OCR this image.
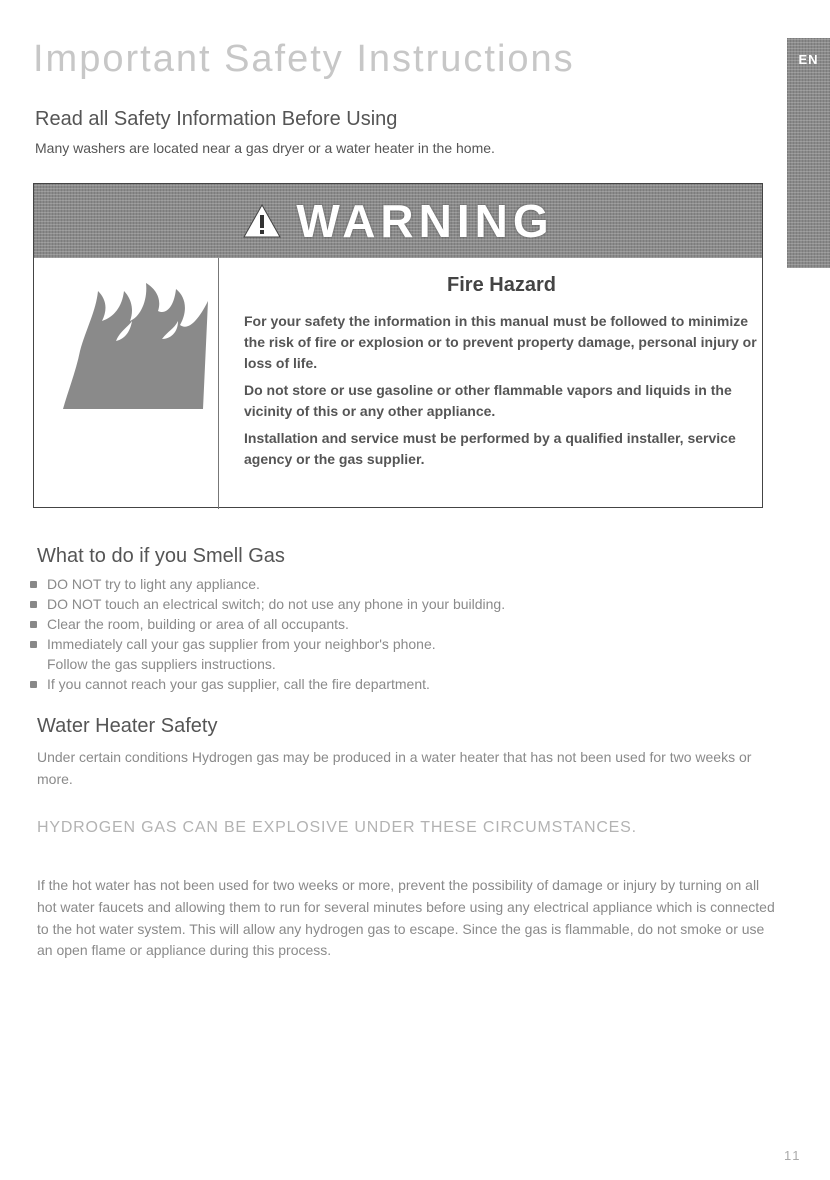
EN
Important Safety Instructions
Read all Safety Information Before Using

Many washers are located near a gas dryer or a water heater in the home.

WARNING
Fire Hazard

For your safety the information in this manual must be followed to minimize the risk of fire or explosion or to prevent property damage, personal injury or loss of life.

Do not store or use gasoline or other flammable vapors and liquids in the vicinity of this or any other appliance.

Installation and service must be performed by a qualified installer, service agency or the gas supplier.

What to do if you Smell Gas
DO NOT try to light any appliance.
DO NOT touch an electrical switch; do not use any phone in your building.
Clear the room, building or area of all occupants.
Immediately call your gas supplier from your neighbor's phone.
Follow the gas suppliers instructions.
If you cannot reach your gas supplier, call the fire department.
Water Heater Safety

Under certain conditions Hydrogen gas may be produced in a water heater that has not been used for two weeks or more.

HYDROGEN GAS CAN BE EXPLOSIVE UNDER THESE CIRCUMSTANCES.

If the hot water has not been used for two weeks or more, prevent the possibility of damage or injury by turning on all hot water faucets and allowing them to run for several minutes before using any electrical appliance which is connected to the hot water system. This will allow any hydrogen gas to escape. Since the gas is flammable, do not smoke or use an open flame or appliance during this process.

11
